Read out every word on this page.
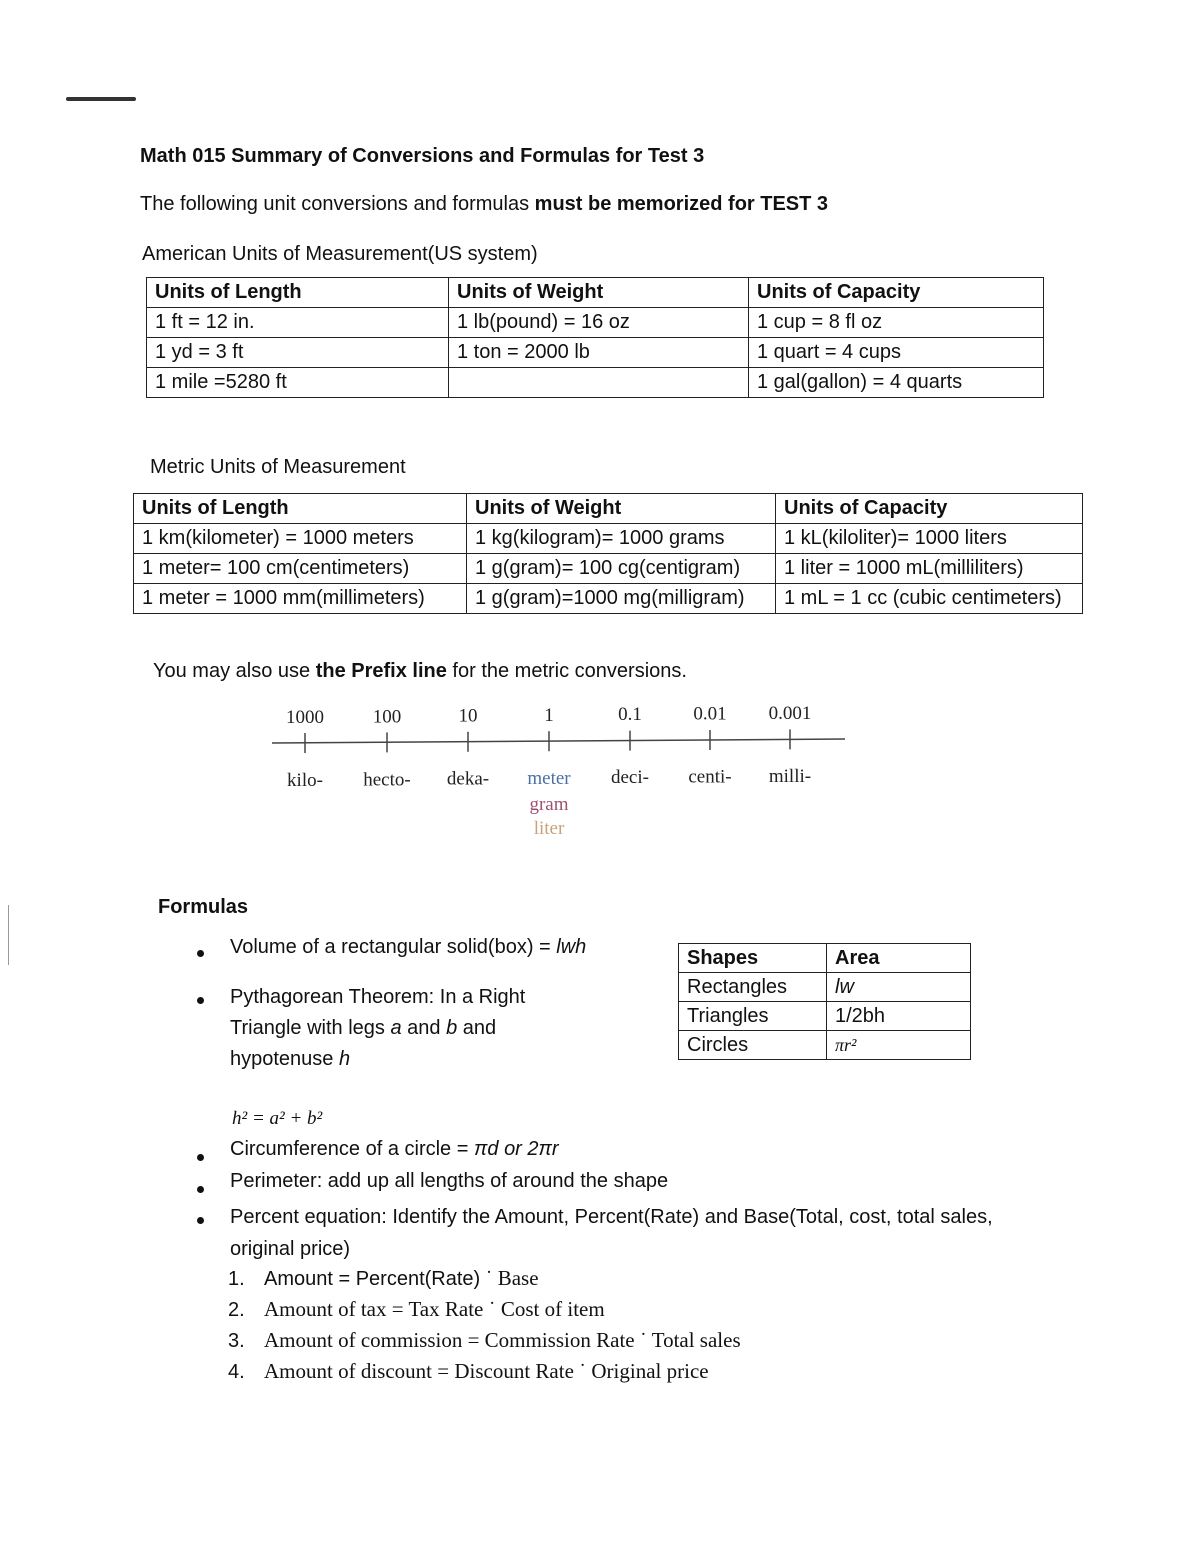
Math 015 Summary of Conversions and Formulas for Test 3
The following unit conversions and formulas must be memorized for TEST 3
American Units of Measurement(US system)
Units of Length	Units of Weight	Units of Capacity
1 ft = 12 in.	1 lb(pound) = 16 oz	1 cup = 8 fl oz
1 yd = 3 ft	1 ton = 2000 lb	1 quart = 4 cups
1 mile =5280 ft		1 gal(gallon) = 4 quarts
Metric Units of Measurement
Units of Length	Units of Weight	Units of Capacity
1 km(kilometer) = 1000 meters	1 kg(kilogram)= 1000 grams	1 kL(kiloliter)= 1000 liters
1 meter= 100 cm(centimeters)	1 g(gram)= 100 cg(centigram)	1 liter = 1000 mL(milliliters)
1 meter = 1000 mm(millimeters)	1 g(gram)=1000 mg(milligram)	1 mL = 1 cc (cubic centimeters)
You may also use the Prefix line for the metric conversions.
1000
kilo-
100
hecto-
10
deka-
1
meter
0.1
deci-
0.01
centi-
0.001
milli-
gram
liter
Formulas
Volume of a rectangular solid(box) = lwh
Pythagorean Theorem: In a Right
Triangle with legs a and b and
hypotenuse h
Shapes	Area
Rectangles	lw
Triangles	1/2bh
Circles	πr²
h² = a² + b²
Circumference of a circle = πd or 2πr
Perimeter: add up all lengths of around the shape
Percent equation: Identify the Amount, Percent(Rate) and Base(Total, cost, total sales,
original price)
1. Amount = Percent(Rate) ˙ Base
2. Amount of tax = Tax Rate ˙ Cost of item
3. Amount of commission = Commission Rate ˙ Total sales
4. Amount of discount = Discount Rate ˙ Original price
